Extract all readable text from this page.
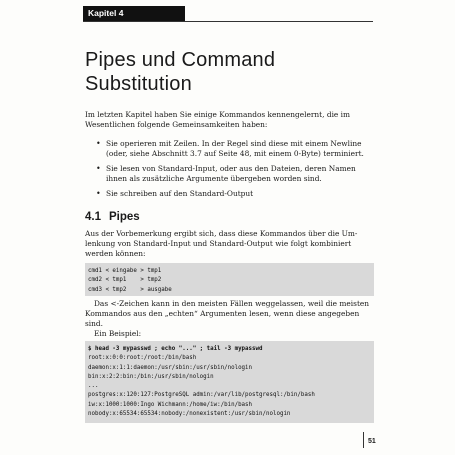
Kapitel 4
Pipes und Command
Substitution
Im letzten Kapitel haben Sie einige Kommandos kennengelernt, die im
Wesentlichen folgende Gemeinsamkeiten haben:
• Sie operieren mit Zeilen. In der Regel sind diese mit einem Newline
(oder, siehe Abschnitt 3.7 auf Seite 48, mit einem 0-Byte) terminiert.
• Sie lesen von Standard-Input, oder aus den Dateien, deren Namen
ihnen als zusätzliche Argumente übergeben worden sind.
• Sie schreiben auf den Standard-Output
4.1 Pipes
Aus der Vorbemerkung ergibt sich, dass diese Kommandos über die Um-
lenkung von Standard-Input und Standard-Output wie folgt kombiniert
werden können:
cmd1 < eingabe > tmp1
cmd2 < tmp1    > tmp2
cmd3 < tmp2    > ausgabe
Das <-Zeichen kann in den meisten Fällen weggelassen, weil die meisten
Kommandos aus den „echten“ Argumenten lesen, wenn diese angegeben
sind.
Ein Beispiel:
$ head -3 mypasswd ; echo "..." ; tail -3 mypasswd
root:x:0:0:root:/root:/bin/bash
daemon:x:1:1:daemon:/usr/sbin:/usr/sbin/nologin
bin:x:2:2:bin:/bin:/usr/sbin/nologin
...
postgres:x:120:127:PostgreSQL admin:/var/lib/postgresql:/bin/bash
iw:x:1000:1000:Ingo Wichmann:/home/iw:/bin/bash
nobody:x:65534:65534:nobody:/nonexistent:/usr/sbin/nologin
51
